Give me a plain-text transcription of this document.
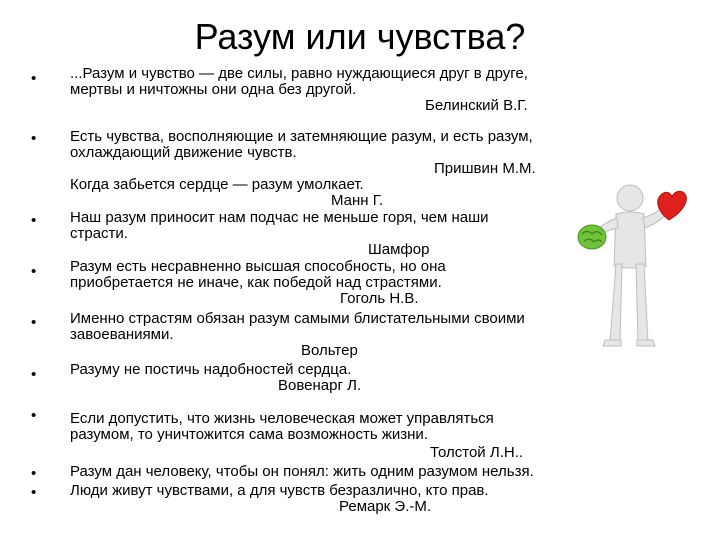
Разум или чувства?
•
•
•
•
•
•
•
•
•
...Разум и чувство — две силы, равно нуждающиеся друг в друге,
мертвы и ничтожны они одна без другой.
Белинский В.Г.
Есть чувства, восполняющие и затемняющие разум, и есть разум,
охлаждающий движение чувств.
Пришвин М.М.
Когда забьется сердце — разум умолкает.
Манн Г.
Наш разум приносит нам подчас не меньше горя, чем наши
страсти.
Шамфор
Разум есть несравненно высшая способность, но она
приобретается не иначе, как победой над страстями.
Гоголь Н.В.
Именно страстям обязан разум самыми блистательными своими
завоеваниями.
Вольтер
Разуму не постичь надобностей сердца.
Вовенарг Л.
Если допустить, что жизнь человеческая может управляться
разумом, то уничтожится сама возможность жизни.
Толстой Л.Н..
Разум дан человеку, чтобы он понял: жить одним разумом нельзя.
Люди живут чувствами, а для чувств безразлично, кто прав.
Ремарк Э.-М.
